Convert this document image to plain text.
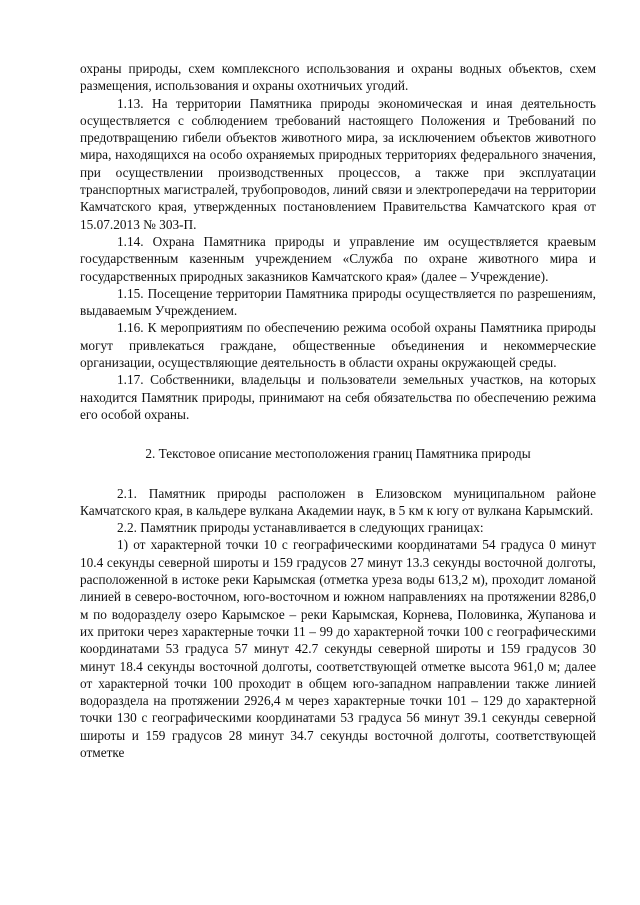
охраны природы, схем комплексного использования и охраны водных объектов, схем размещения, использования и охраны охотничьих угодий.

1.13. На территории Памятника природы экономическая и иная деятельность осуществляется с соблюдением требований настоящего Положения и Требований по предотвращению гибели объектов животного мира, за исключением объектов животного мира, находящихся на особо охраняемых природных территориях федерального значения, при осуществлении производственных процессов, а также при эксплуатации транспортных магистралей, трубопроводов, линий связи и электропередачи на территории Камчатского края, утвержденных постановлением Правительства Камчатского края от 15.07.2013 № 303-П.

1.14. Охрана Памятника природы и управление им осуществляется краевым государственным казенным учреждением «Служба по охране животного мира и государственных природных заказников Камчатского края» (далее – Учреждение).

1.15. Посещение территории Памятника природы осуществляется по разрешениям, выдаваемым Учреждением.

1.16. К мероприятиям по обеспечению режима особой охраны Памятника природы могут привлекаться граждане, общественные объединения и некоммерческие организации, осуществляющие деятельность в области охраны окружающей среды.

1.17. Собственники, владельцы и пользователи земельных участков, на которых находится Памятник природы, принимают на себя обязательства по обеспечению режима его особой охраны.

2. Текстовое описание местоположения границ Памятника природы

2.1. Памятник природы расположен в Елизовском муниципальном районе Камчатского края, в кальдере вулкана Академии наук, в 5 км к югу от вулкана Карымский.

2.2. Памятник природы устанавливается в следующих границах:

1) от характерной точки 10 с географическими координатами 54 градуса 0 минут 10.4 секунды северной широты и 159 градусов 27 минут 13.3 секунды восточной долготы, расположенной в истоке реки Карымская (отметка уреза воды 613,2 м), проходит ломаной линией в северо-восточном, юго-восточном и южном направлениях на протяжении 8286,0 м по водоразделу озеро Карымское – реки Карымская, Корнева, Половинка, Жупанова и их притоки через характерные точки 11 – 99 до характерной точки 100 с географическими координатами 53 градуса 57 минут 42.7 секунды северной широты и 159 градусов 30 минут 18.4 секунды восточной долготы, соответствующей отметке высота 961,0 м; далее от характерной точки 100 проходит в общем юго-западном направлении также линией водораздела на протяжении 2926,4 м через характерные точки 101 – 129 до характерной точки 130 с географическими координатами 53 градуса 56 минут 39.1 секунды северной широты и 159 градусов 28 минут 34.7 секунды восточной долготы, соответствующей отметке
